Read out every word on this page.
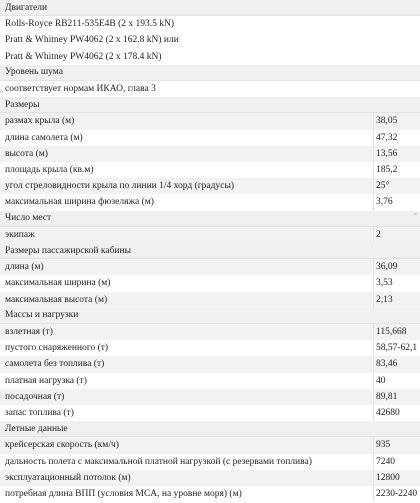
Двигатели
Rolls-Royce RB211-535E4B (2 x 193.5 kN)
Pratt & Whitney PW4062 (2 x 162.8 kN) или
Pratt & Whitney PW4062 (2 x 178.4 kN)
Уровень шума
соответствует нормам ИКАО, глава 3
Размеры
размах крыла (м)	38,05
длина самолета (м)	47,32
высота (м)	13,56
площадь крыла (кв.м)	185,2
угол стреловидности крыла по линии 1/4 хорд (градусы)	25°
максимальная ширина фюзеляжа (м)	3,76
Число мест
экипаж	2
Размеры пассажирской кабины
длина (м)	36,09
максимальная ширина (м)	3,53
максимальная высота (м)	2,13
Массы и нагрузки
взлетная (т)	115,668
пустого снаряженного (т)	58,57-62,1
самолета без топлива (т)	83,46
платная нагрузка (т)	40
посадочная (т)	89,81
запас топлива (т)	42680
Летные данные
крейсерская скорость (км/ч)	935
дальность полета с максимальной платной нагрузкой (с резервами топлива)	7240
эксплуатационный потолок (м)	12800
потребная длина ВПП (условия MCA, на уровне моря) (м)	2230-2240
▫
▫
